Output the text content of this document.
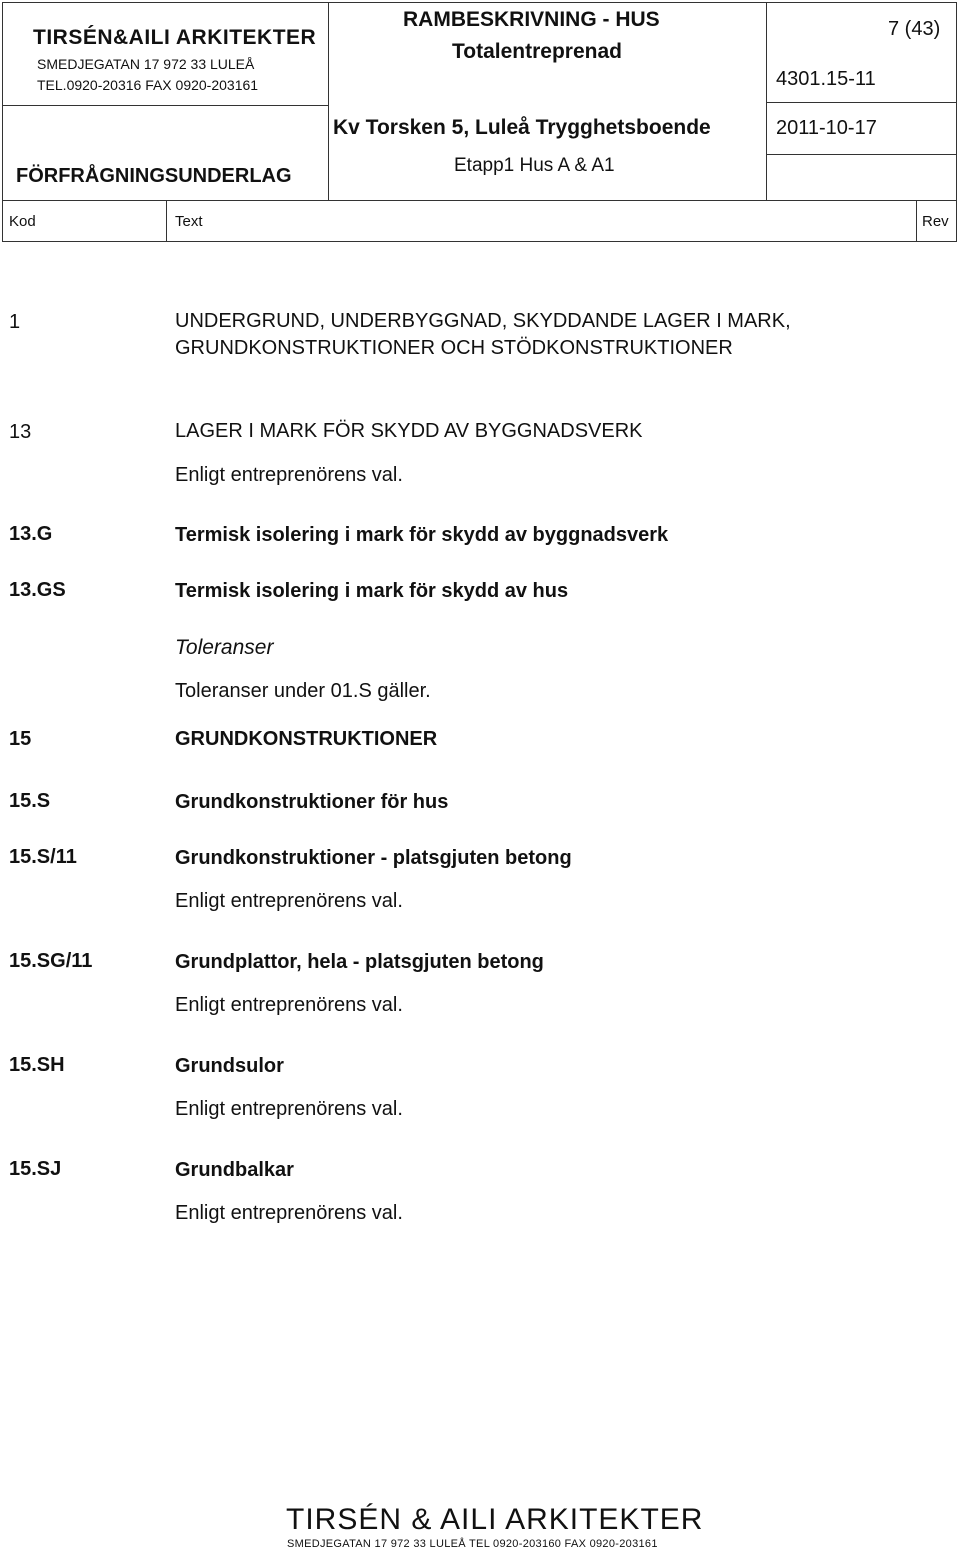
TIRSÉN&AILI ARKITEKTER
SMEDJEGATAN 17 972 33 LULEÅ
TEL.0920-20316 FAX 0920-203161
FÖRFRÅGNINGSUNDERLAG
RAMBESKRIVNING - HUS
Totalentreprenad
Kv Torsken 5, Luleå Trygghetsboende
Etapp1 Hus A & A1
7 (43)
4301.15-11
2011-10-17
Kod	Text	Rev
1	UNDERGRUND, UNDERBYGGNAD, SKYDDANDE LAGER I MARK, GRUNDKONSTRUKTIONER OCH STÖDKONSTRUKTIONER
13	LAGER I MARK FÖR SKYDD AV BYGGNADSVERK
Enligt entreprenörens val.
13.G	Termisk isolering i mark för skydd av byggnadsverk
13.GS	Termisk isolering i mark för skydd av hus
Toleranser
Toleranser under 01.S gäller.
15	GRUNDKONSTRUKTIONER
15.S	Grundkonstruktioner för hus
15.S/11	Grundkonstruktioner - platsgjuten betong
Enligt entreprenörens val.
15.SG/11	Grundplattor, hela - platsgjuten betong
Enligt entreprenörens val.
15.SH	Grundsulor
Enligt entreprenörens val.
15.SJ	Grundbalkar
Enligt entreprenörens val.
TIRSÉN & AILI ARKITEKTER
SMEDJEGATAN 17 972 33 LULEÅ TEL 0920-203160 FAX 0920-203161
